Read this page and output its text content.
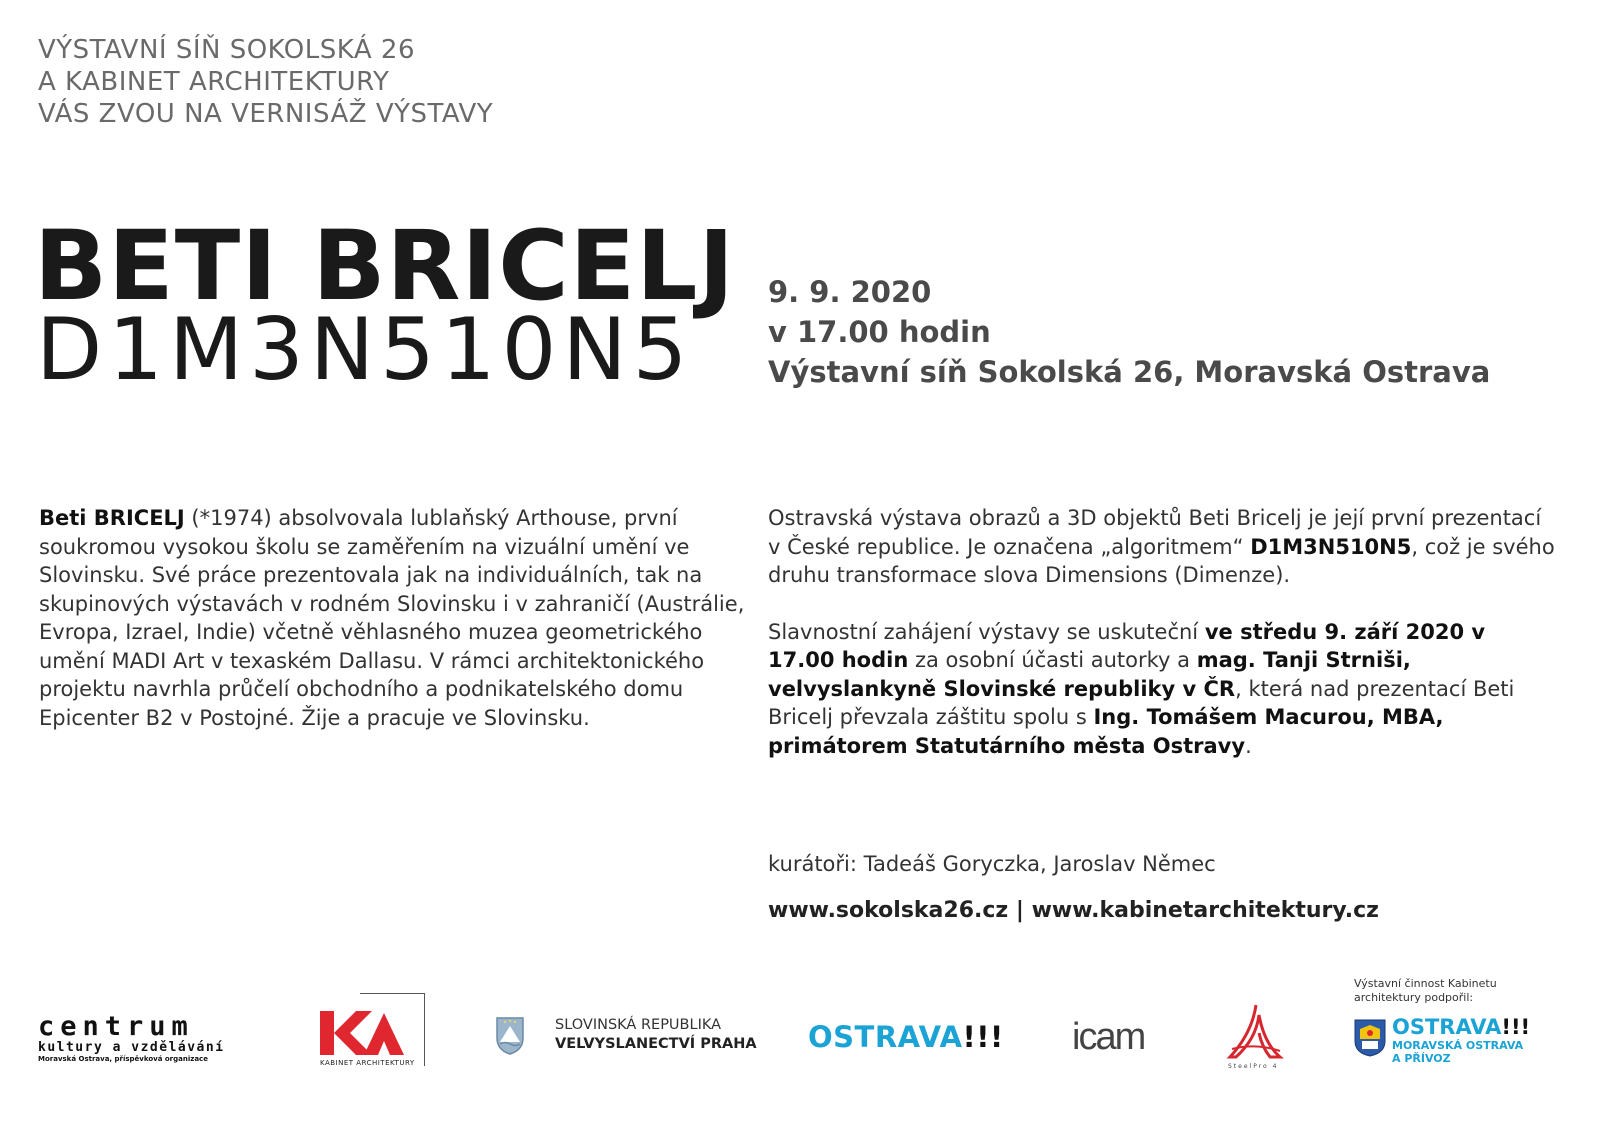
VÝSTAVNÍ SÍŇ SOKOLSKÁ 26
A KABINET ARCHITEKTURY
VÁS ZVOU NA VERNISÁŽ VÝSTAVY
BETI BRICELJ
D1M3N510N5
9. 9. 2020
v 17.00 hodin
Výstavní síň Sokolská 26, Moravská Ostrava

Beti BRICELJ (*1974) absolvovala lublaňský Arthouse, první soukromou vysokou školu se zaměřením na vizuální umění ve Slovinsku. Své práce prezentovala jak na individuálních, tak na skupinových výstavách v rodném Slovinsku i v zahraničí (Austrálie, Evropa, Izrael, Indie) včetně věhlasného muzea geometrického umění MADI Art v texaském Dallasu. V rámci architektonického projektu navrhla průčelí obchodního a podnikatelského domu Epicenter B2 v Postojné. Žije a pracuje ve Slovinsku.

Ostravská výstava obrazů a 3D objektů Beti Bricelj je její první prezentací v České republice. Je označena „algoritmem“ D1M3N510N5, což je svého druhu transformace slova Dimensions (Dimenze).

Slavnostní zahájení výstavy se uskuteční ve středu 9. září 2020 v 17.00 hodin za osobní účasti autorky a mag. Tanji Strniši, velvyslankyně Slovinské republiky v ČR, která nad prezentací Beti Bricelj převzala záštitu spolu s Ing. Tomášem Macurou, MBA, primátorem Statutárního města Ostravy.

kurátoři: Tadeáš Goryczka, Jaroslav Němec
www.sokolska26.cz | www.kabinetarchitektury.cz
centrum
kultury a vzdělávání
Moravská Ostrava, příspěvková organizace	KABINET ARCHITEKTURY
SLOVINSKÁ REPUBLIKA
VELVYSLANECTVÍ PRAHA OSTRAVA!!! icam
SteelPro 4
Výstavní činnost Kabinetu
architektury podpořil:
OSTRAVA!!!
MORAVSKÁ OSTRAVA
A PŘÍVOZ
